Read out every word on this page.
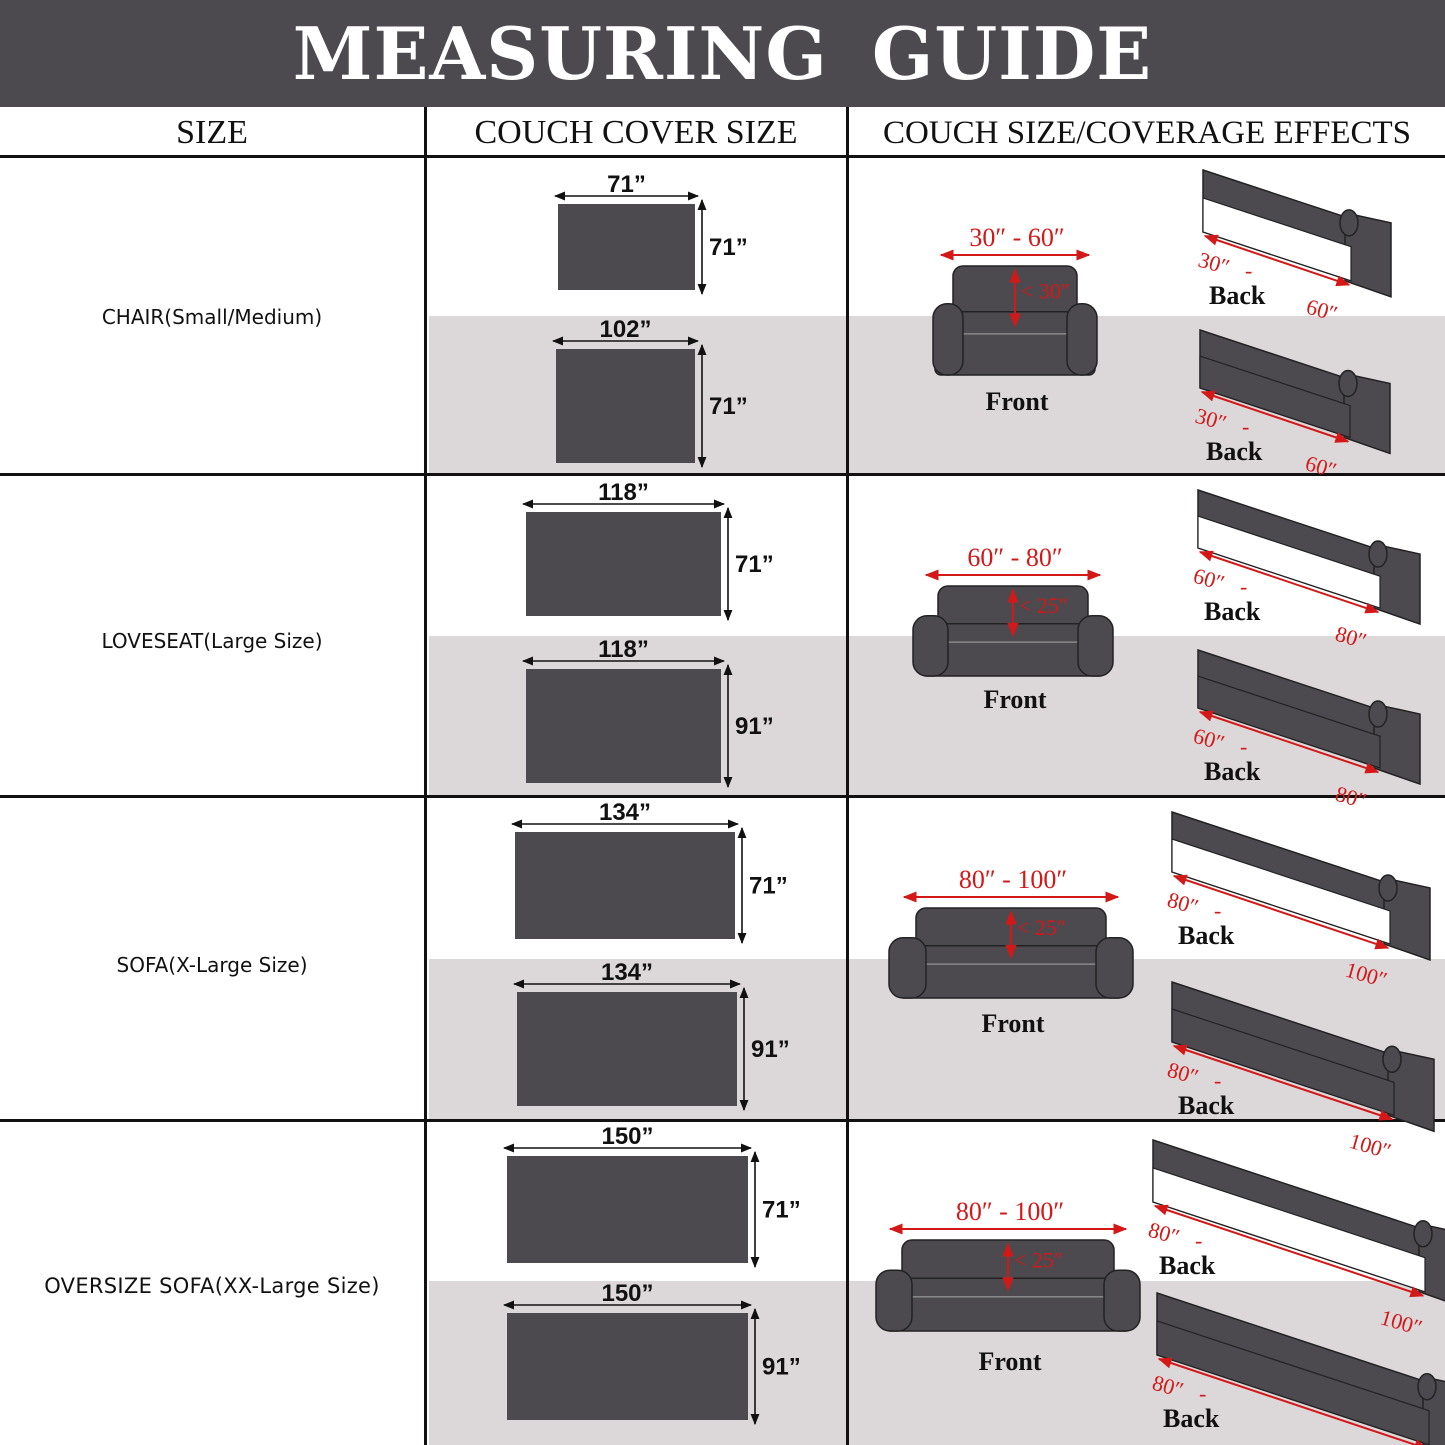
MEASURING GUIDE
SIZE	COUCH COVER SIZE	COUCH SIZE/COVERAGE EFFECTS
CHAIR(Small/Medium)
LOVESEAT(Large Size)
SOFA(X-Large Size)
OVERSIZE SOFA(XX-Large Size)
71”
71”
102”
71”
118”
71”
118”
91”
134”
71”
134”
91”
150”
71”
150”
91”
30″ - 60″
< 30″
Front
60″ - 80″
< 25″
Front
80″ - 100″
< 25″
Front
80″ - 100″
< 25″
Front
30″ -
60″
Back
30″ -
60″
Back
60″ -
80″
Back
60″ -
80″
Back
80″ -
100″
Back
80″ -
100″
Back
80″ -
100″
Back
80″ -
Back
